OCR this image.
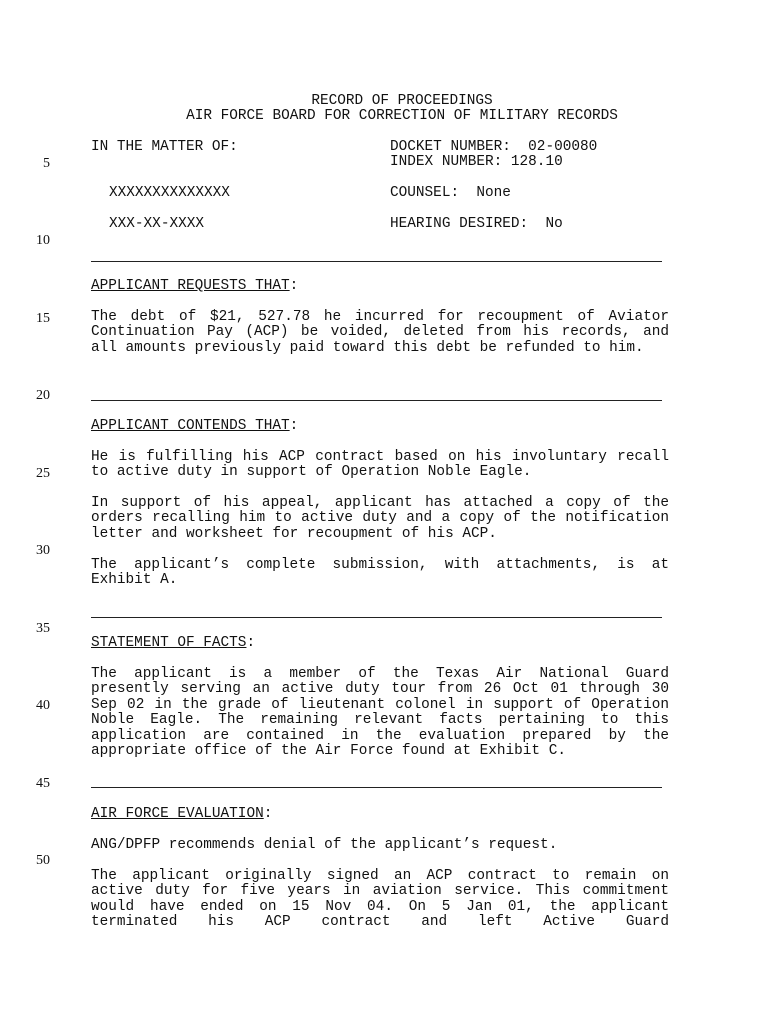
5
10
15
20
25
30
35
40
45
50
RECORD OF PROCEEDINGS
AIR FORCE BOARD FOR CORRECTION OF MILITARY RECORDS
IN THE MATTER OF:	DOCKET NUMBER:  02-00080
INDEX NUMBER: 128.10
XXXXXXXXXXXXXX	COUNSEL:  None
XXX-XX-XXXX	HEARING DESIRED:  No
APPLICANT REQUESTS THAT:
The debt of $21, 527.78 he incurred for recoupment of Aviator Continuation Pay (ACP) be voided, deleted from his records, and all amounts previously paid toward this debt be refunded to him.
APPLICANT CONTENDS THAT:
He is fulfilling his ACP contract based on his involuntary recall to active duty in support of Operation Noble Eagle.
In support of his appeal, applicant has attached a copy of the orders recalling him to active duty and a copy of the notification letter and worksheet for recoupment of his ACP.
The applicant’s complete submission, with attachments, is at Exhibit A.
STATEMENT OF FACTS:
The applicant is a member of the Texas Air National Guard presently serving an active duty tour from 26 Oct 01 through 30 Sep 02 in the grade of lieutenant colonel in support of Operation Noble Eagle. The remaining relevant facts pertaining to this application are contained in the evaluation prepared by the appropriate office of the Air Force found at Exhibit C.
AIR FORCE EVALUATION:
ANG/DPFP recommends denial of the applicant’s request.
The applicant originally signed an ACP contract to remain on active duty for five years in aviation service. This commitment would have ended on 15 Nov 04. On 5 Jan 01, the applicant terminated his ACP contract and left Active Guard
